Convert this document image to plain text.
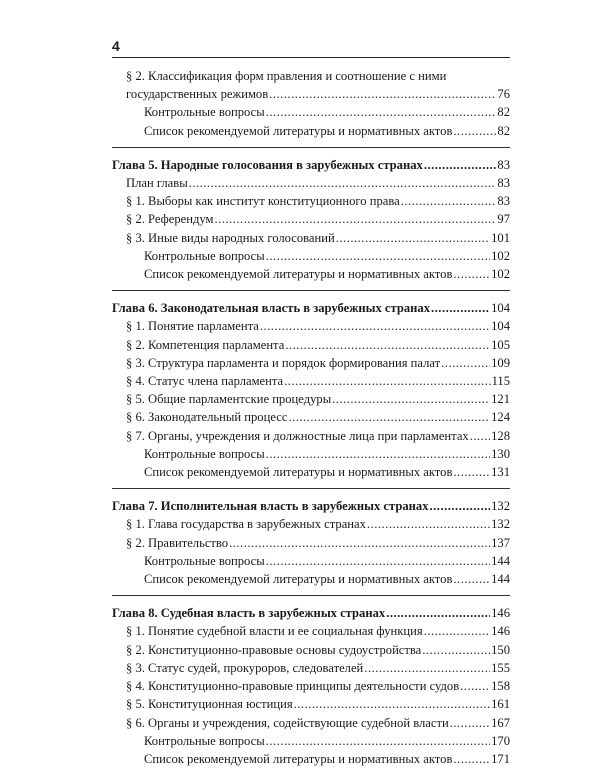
4
§ 2. Классификация форм правления и соотношение с ними
государственных режимов .....	76
Контрольные вопросы .....	82
Список рекомендуемой литературы и нормативных актов .....	82
Глава 5. Народные голосования в зарубежных странах .....	83
План главы .....	83
§ 1. Выборы как институт конституционного права .....	83
§ 2. Референдум .....	97
§ 3. Иные виды народных голосований .....	101
Контрольные вопросы .....	102
Список рекомендуемой литературы и нормативных актов .....	102
Глава 6. Законодательная власть в зарубежных странах .....	104
§ 1. Понятие парламента .....	104
§ 2. Компетенция парламента .....	105
§ 3. Структура парламента и порядок формирования палат .....	109
§ 4. Статус члена парламента .....	115
§ 5. Общие парламентские процедуры .....	121
§ 6. Законодательный процесс .....	124
§ 7. Органы, учреждения и должностные лица при парламентах ..... 128
Контрольные вопросы .....	130
Список рекомендуемой литературы и нормативных актов .....	131
Глава 7. Исполнительная власть в зарубежных странах .....	132
§ 1. Глава государства в зарубежных странах .....	132
§ 2. Правительство .....	137
Контрольные вопросы .....	144
Список рекомендуемой литературы и нормативных актов .....	144
Глава 8. Судебная власть в зарубежных странах .....	146
§ 1. Понятие судебной власти и ее социальная функция .....	146
§ 2. Конституционно-правовые основы судоустройства .....	150
§ 3. Статус судей, прокуроров, следователей .....	155
§ 4. Конституционно-правовые принципы деятельности судов .....	158
§ 5. Конституционная юстиция .....	161
§ 6. Органы и учреждения, содействующие судебной власти .....	167
Контрольные вопросы .....	170
Список рекомендуемой литературы и нормативных актов .....	171
